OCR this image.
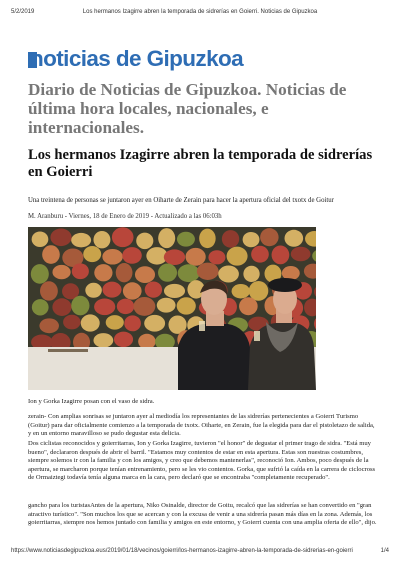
5/2/2019	Los hermanos Izagirre abren la temporada de sidrerías en Goierri. Noticias de Gipuzkoa
noticias de Gipuzkoa
Diario de Noticias de Gipuzkoa. Noticias de última hora locales, nacionales, e internacionales.
Los hermanos Izagirre abren la temporada de sidrerías en Goierri
Una treintena de personas se juntaron ayer en Oiharte de Zerain para hacer la apertura oficial del txotx de Goitur
M. Aranburu - Viernes, 18 de Enero de 2019 - Actualizado a las 06:03h
Ion y Gorka Izagirre posan con el vaso de sidra.

zerain- Con amplias sonrisas se juntaron ayer al mediodía los representantes de las sidrerías pertenecientes a Goierri Turismo (Goitur) para dar oficialmente comienzo a la temporada de txotx. Oiharte, en Zerain, fue la elegida para dar el pistoletazo de salida, y en un entorno maravilloso se pudo degustar esta delicia.

Dos ciclistas reconocidos y goierritarras, Ion y Gorka Izagirre, tuvieron "el honor" de degustar el primer trago de sidra. "Está muy bueno", declararon después de abrir el barril. "Estamos muy contentos de estar en esta apertura. Estas son nuestras costumbres, siempre solemos ir con la familia y con los amigos, y creo que debemos mantenerlas", reconoció Ion. Ambos, poco después de la apertura, se marcharon porque tenían entrenamiento, pero se les vio contentos. Gorka, que sufrió la caída en la carrera de ciclocross de Ormaiztegi todavía tenía alguna marca en la cara, pero declaró que se encontraba "completamente recuperado".

gancho para los turistasAntes de la apertura, Niko Osinalde, director de Goitu, recalcó que las sidrerías se han convertido en "gran atractivo turístico". "Son muchos los que se acercan y con la excusa de venir a una sidrería pasan más días en la zona. Además, los goierritarras, siempre nos hemos juntado con familia y amigos en este entorno, y Goierri cuenta con una amplia oferta de ello", dijo.

https://www.noticiasdegipuzkoa.eus/2019/01/18/vecinos/goierri/los-hermanos-izagirre-abren-la-temporada-de-sidrerias-en-goierri	1/4
